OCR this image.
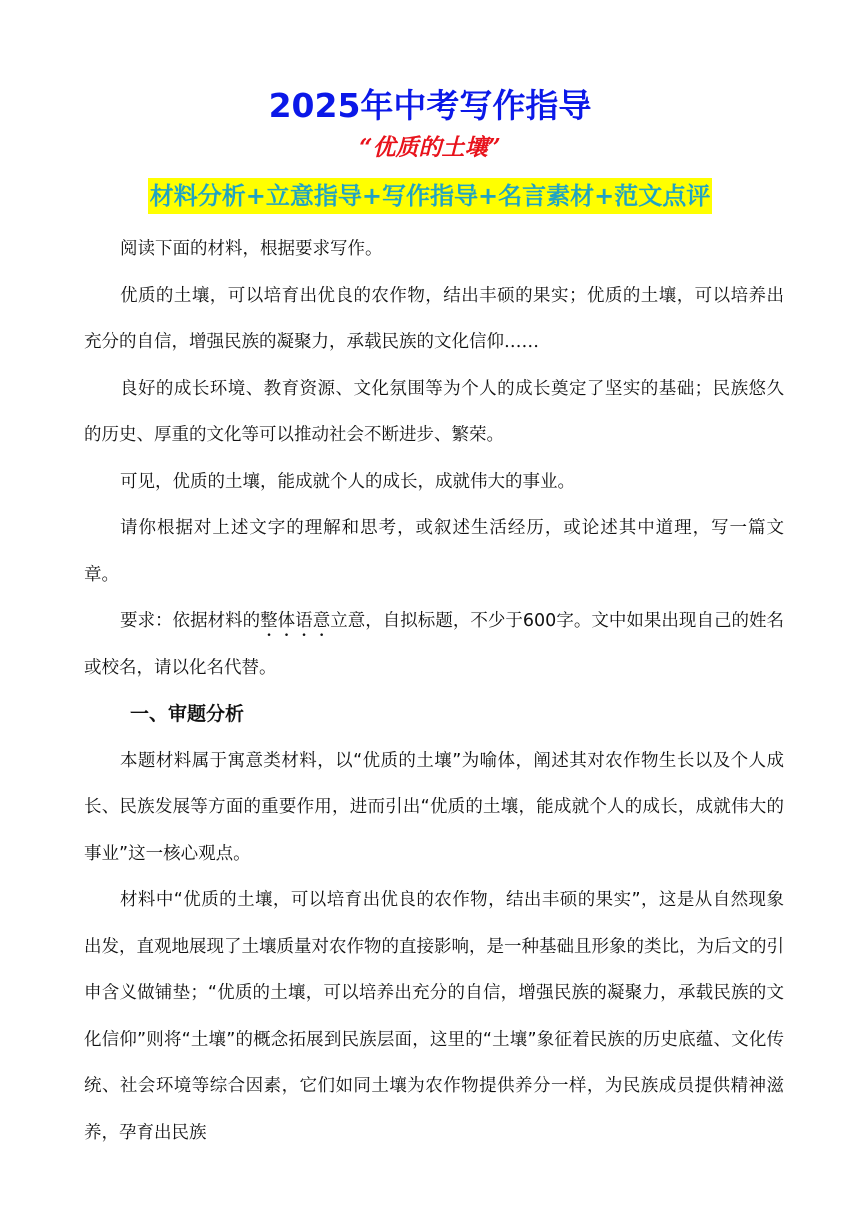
2025年中考写作指导
“优质的土壤”
材料分析+立意指导+写作指导+名言素材+范文点评

阅读下面的材料，根据要求写作。

优质的土壤，可以培育出优良的农作物，结出丰硕的果实；优质的土壤，可以培养出充分的自信，增强民族的凝聚力，承载民族的文化信仰……

良好的成长环境、教育资源、文化氛围等为个人的成长奠定了坚实的基础；民族悠久的历史、厚重的文化等可以推动社会不断进步、繁荣。

可见，优质的土壤，能成就个人的成长，成就伟大的事业。

请你根据对上述文字的理解和思考，或叙述生活经历，或论述其中道理，写一篇文章。

要求：依据材料的整体语意立意，自拟标题，不少于600字。文中如果出现自己的姓名或校名，请以化名代替。

一、审题分析

本题材料属于寓意类材料，以“优质的土壤”为喻体，阐述其对农作物生长以及个人成长、民族发展等方面的重要作用，进而引出“优质的土壤，能成就个人的成长，成就伟大的事业”这一核心观点。

材料中“优质的土壤，可以培育出优良的农作物，结出丰硕的果实”，这是从自然现象出发，直观地展现了土壤质量对农作物的直接影响，是一种基础且形象的类比，为后文的引申含义做铺垫；“优质的土壤，可以培养出充分的自信，增强民族的凝聚力，承载民族的文化信仰”则将“土壤”的概念拓展到民族层面，这里的“土壤”象征着民族的历史底蕴、文化传统、社会环境等综合因素，它们如同土壤为农作物提供养分一样，为民族成员提供精神滋养，孕育出民族
